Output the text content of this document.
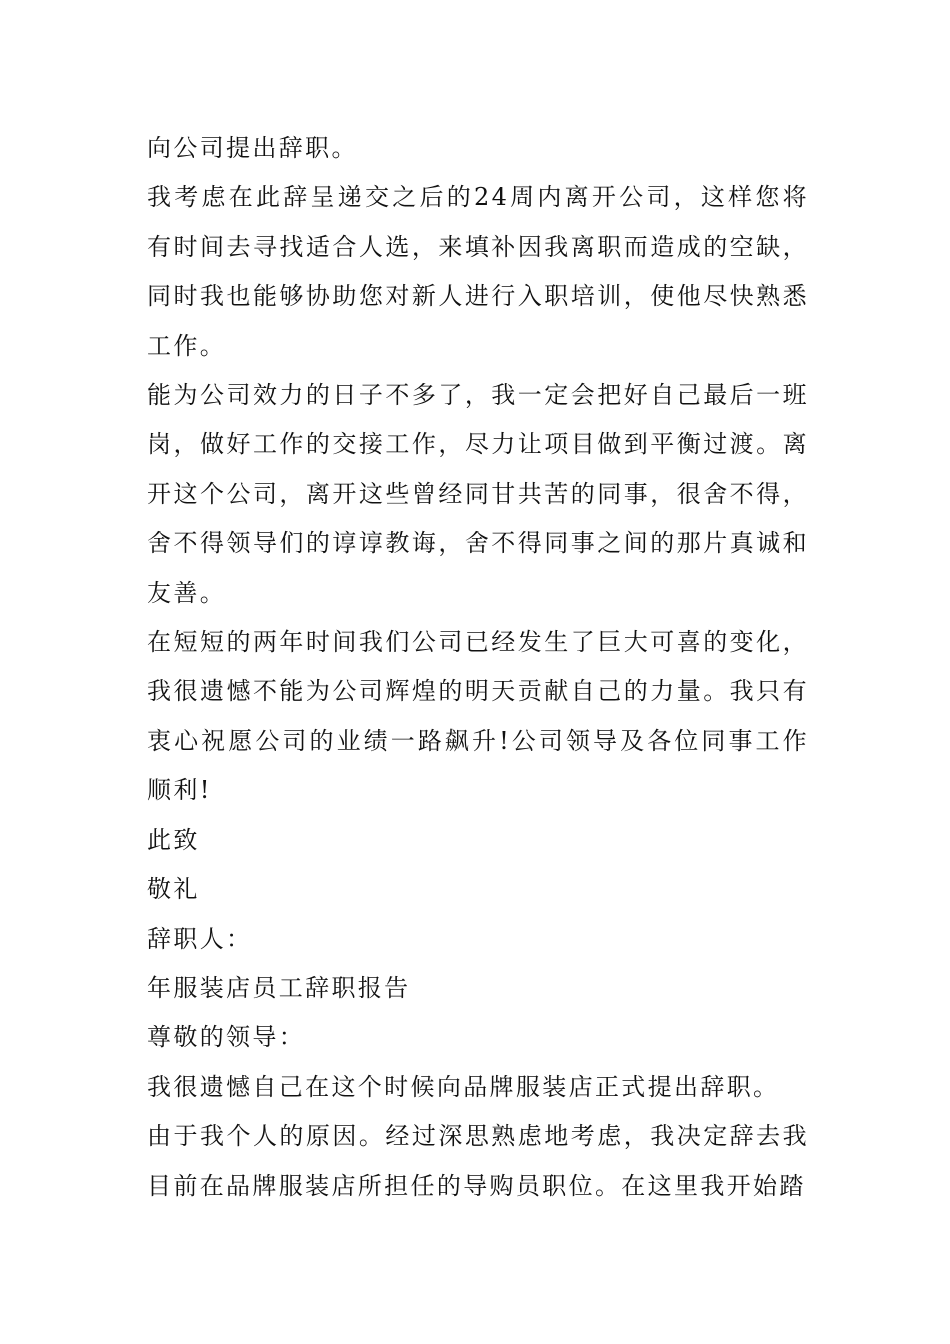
向公司提出辞职。

我考虑在此辞呈递交之后的24周内离开公司，这样您将有时间去寻找适合人选，来填补因我离职而造成的空缺，同时我也能够协助您对新人进行入职培训，使他尽快熟悉工作。

能为公司效力的日子不多了，我一定会把好自己最后一班岗，做好工作的交接工作，尽力让项目做到平衡过渡。离开这个公司，离开这些曾经同甘共苦的同事，很舍不得，舍不得领导们的谆谆教诲，舍不得同事之间的那片真诚和友善。

在短短的两年时间我们公司已经发生了巨大可喜的变化，我很遗憾不能为公司辉煌的明天贡献自己的力量。我只有衷心祝愿公司的业绩一路飙升!公司领导及各位同事工作顺利!

此致

敬礼

辞职人：

年服装店员工辞职报告

尊敬的领导：

我很遗憾自己在这个时候向品牌服装店正式提出辞职。

由于我个人的原因。经过深思熟虑地考虑，我决定辞去我目前在品牌服装店所担任的导购员职位。在这里我开始踏
